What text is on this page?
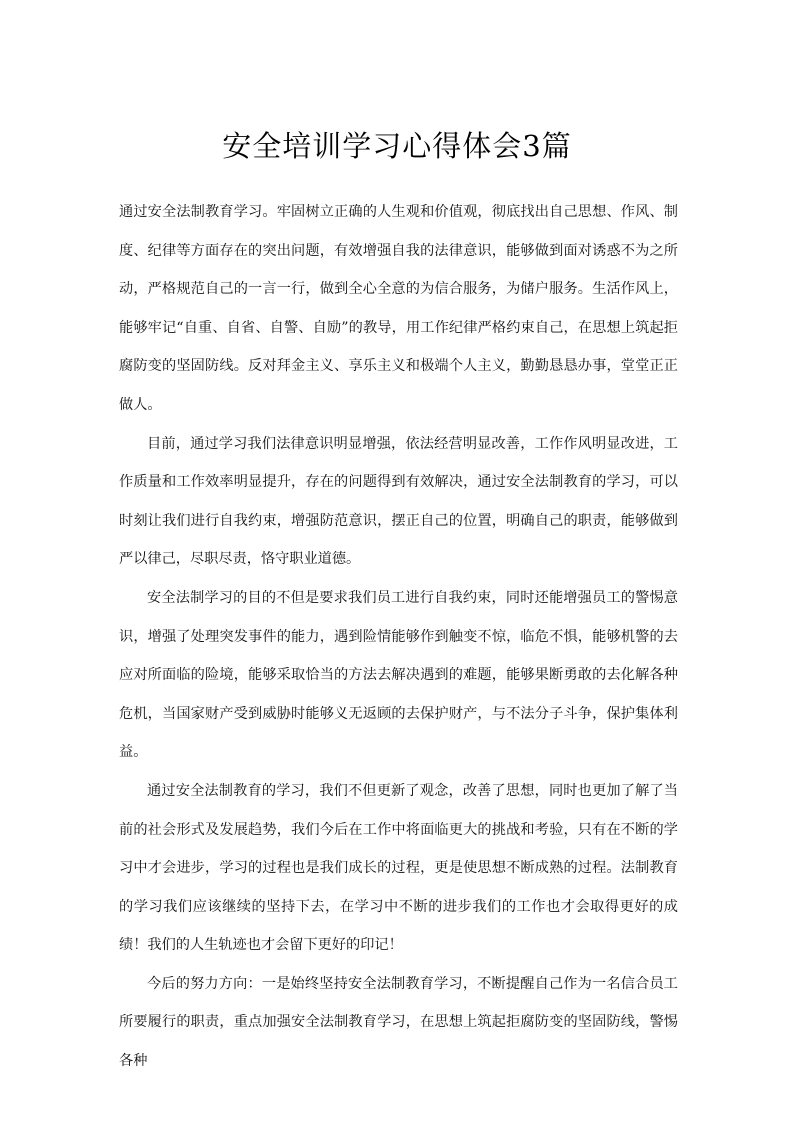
安全培训学习心得体会3篇

通过安全法制教育学习。牢固树立正确的人生观和价值观，彻底找出自己思想、作风、制度、纪律等方面存在的突出问题，有效增强自我的法律意识，能够做到面对诱惑不为之所动，严格规范自己的一言一行，做到全心全意的为信合服务，为储户服务。生活作风上，能够牢记“自重、自省、自警、自励”的教导，用工作纪律严格约束自己，在思想上筑起拒腐防变的坚固防线。反对拜金主义、享乐主义和极端个人主义，勤勤恳恳办事，堂堂正正做人。

目前，通过学习我们法律意识明显增强，依法经营明显改善，工作作风明显改进，工作质量和工作效率明显提升，存在的问题得到有效解决，通过安全法制教育的学习，可以时刻让我们进行自我约束，增强防范意识，摆正自己的位置，明确自己的职责，能够做到严以律己，尽职尽责，恪守职业道德。

安全法制学习的目的不但是要求我们员工进行自我约束，同时还能增强员工的警惕意识，增强了处理突发事件的能力，遇到险情能够作到触变不惊，临危不惧，能够机警的去应对所面临的险境，能够采取恰当的方法去解决遇到的难题，能够果断勇敢的去化解各种危机，当国家财产受到威胁时能够义无返顾的去保护财产，与不法分子斗争，保护集体利益。

通过安全法制教育的学习，我们不但更新了观念，改善了思想，同时也更加了解了当前的社会形式及发展趋势，我们今后在工作中将面临更大的挑战和考验，只有在不断的学习中才会进步，学习的过程也是我们成长的过程，更是使思想不断成熟的过程。法制教育的学习我们应该继续的坚持下去，在学习中不断的进步我们的工作也才会取得更好的成绩！我们的人生轨迹也才会留下更好的印记！

今后的努力方向：一是始终坚持安全法制教育学习，不断提醒自己作为一名信合员工所要履行的职责，重点加强安全法制教育学习，在思想上筑起拒腐防变的坚固防线，警惕各种
